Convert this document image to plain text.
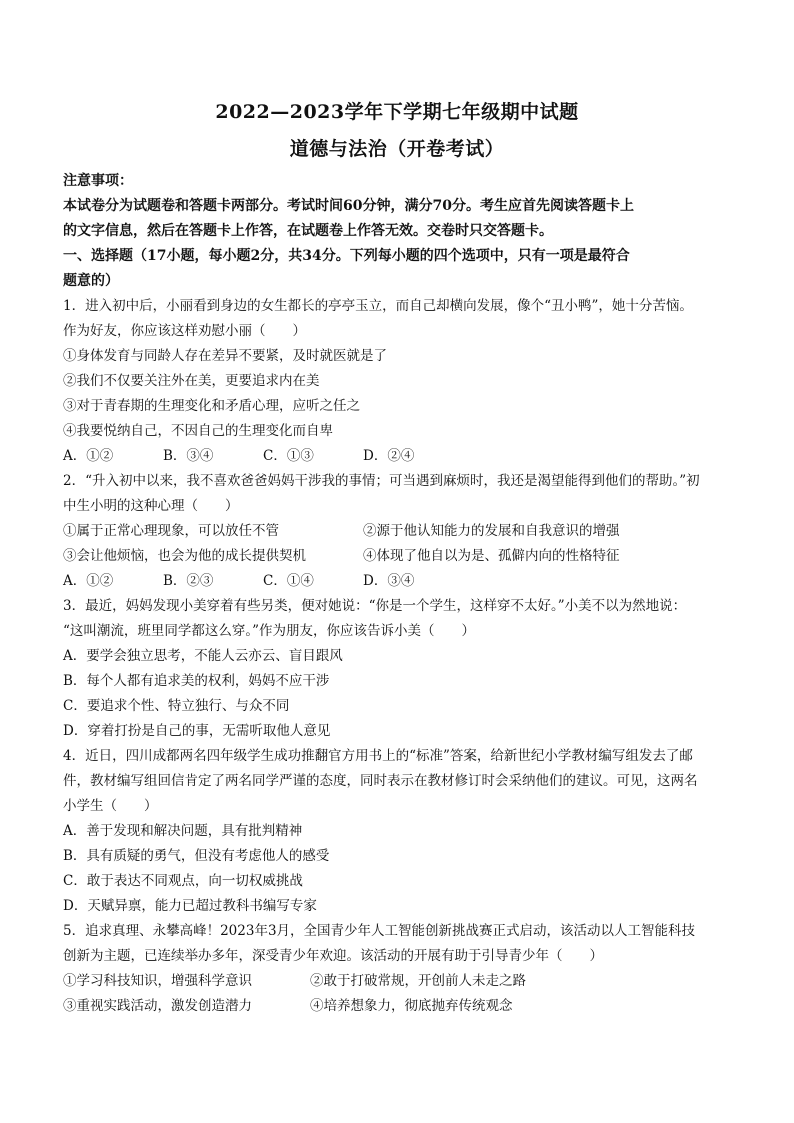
2022—2023学年下学期七年级期中试题
道德与法治（开卷考试）
注意事项：
本试卷分为试题卷和答题卡两部分。考试时间60分钟，满分70分。考生应首先阅读答题卡上
的文字信息，然后在答题卡上作答，在试题卷上作答无效。交卷时只交答题卡。
一、选择题（17小题，每小题2分，共34分。下列每小题的四个选项中，只有一项是最符合
题意的）
1．进入初中后，小丽看到身边的女生都长的亭亭玉立，而自己却横向发展，像个“丑小鸭”，她十分苦恼。
作为好友，你应该这样劝慰小丽（　　）
①身体发育与同龄人存在差异不要紧，及时就医就是了
②我们不仅要关注外在美，更要追求内在美
③对于青春期的生理变化和矛盾心理，应听之任之
④我要悦纳自己，不因自己的生理变化而自卑
A．①②	B．③④	C．①③	D．②④
2．“升入初中以来，我不喜欢爸爸妈妈干涉我的事情；可当遇到麻烦时，我还是渴望能得到他们的帮助。”初
中生小明的这种心理（　　）
①属于正常心理现象，可以放任不管	②源于他认知能力的发展和自我意识的增强
③会让他烦恼，也会为他的成长提供契机	④体现了他自以为是、孤僻内向的性格特征
A．①②	B．②③	C．①④	D．③④
3．最近，妈妈发现小美穿着有些另类，便对她说：“你是一个学生，这样穿不太好。”小美不以为然地说：
“这叫潮流，班里同学都这么穿。”作为朋友，你应该告诉小美（　　）
A．要学会独立思考，不能人云亦云、盲目跟风
B．每个人都有追求美的权利，妈妈不应干涉
C．要追求个性、特立独行、与众不同
D．穿着打扮是自己的事，无需听取他人意见
4．近日，四川成都两名四年级学生成功推翻官方用书上的“标准”答案，给新世纪小学教材编写组发去了邮
件，教材编写组回信肯定了两名同学严谨的态度，同时表示在教材修订时会采纳他们的建议。可见，这两名
小学生（　　）
A．善于发现和解决问题，具有批判精神
B．具有质疑的勇气，但没有考虑他人的感受
C．敢于表达不同观点，向一切权威挑战
D．天赋异禀，能力已超过教科书编写专家
5．追求真理、永攀高峰！2023年3月，全国青少年人工智能创新挑战赛正式启动，该活动以人工智能科技
创新为主题，已连续举办多年，深受青少年欢迎。该活动的开展有助于引导青少年（　　）
①学习科技知识，增强科学意识	②敢于打破常规，开创前人未走之路
③重视实践活动，激发创造潜力	④培养想象力，彻底抛弃传统观念
